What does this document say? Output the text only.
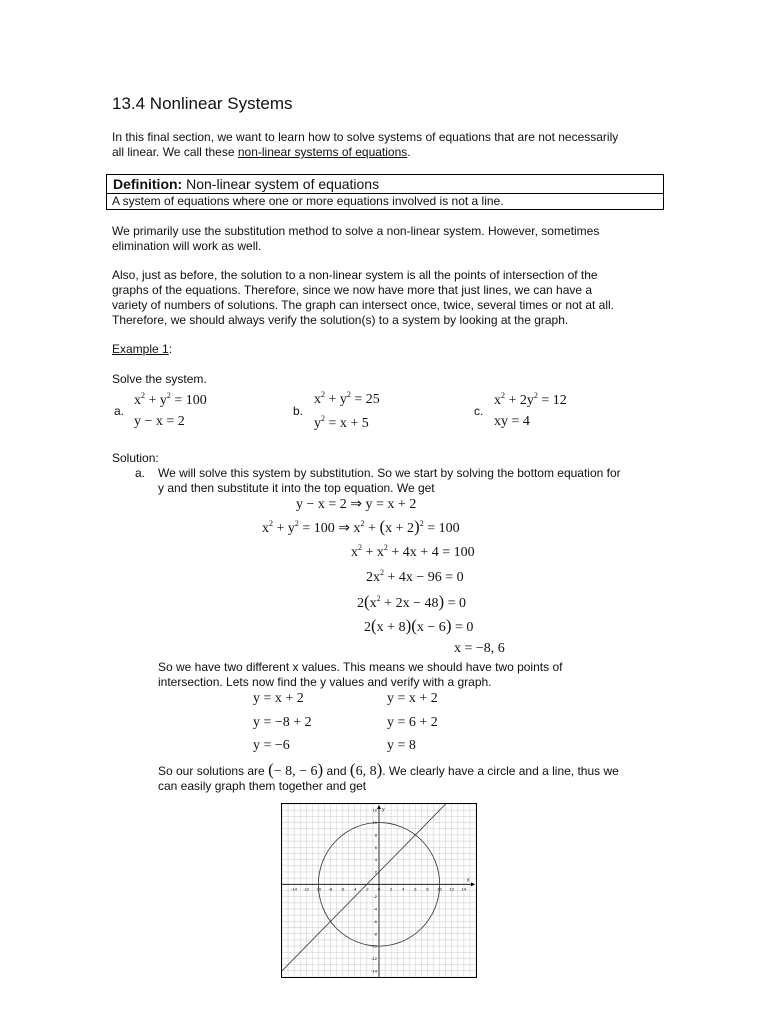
13.4 Nonlinear Systems
In this final section, we want to learn how to solve systems of equations that are not necessarily
all linear. We call these non-linear systems of equations.
Definition: Non-linear system of equations
A system of equations where one or more equations involved is not a line.
We primarily use the substitution method to solve a non-linear system. However, sometimes
elimination will work as well.
Also, just as before, the solution to a non-linear system is all the points of intersection of the
graphs of the equations. Therefore, since we now have more that just lines, we can have a
variety of numbers of solutions. The graph can intersect once, twice, several times or not at all.
Therefore, we should always verify the solution(s) to a system by looking at the graph.
Example 1:
Solve the system.
a.
$x^2 + y^2 = 100$
y − x = 2
b.
$x^2 + y^2 = 25$
$y^2 = x + 5$
c.
$x^2 + 2y^2 = 12$
xy = 4
Solution:
a. We will solve this system by substitution. So we start by solving the bottom equation for
y and then substitute it into the top equation. We get
y − x = 2 ⇒ y = x + 2
$x^2 + y^2 = 100$ ⇒ $x^2 + (x + 2)^2 = 100$
$x^2 + x^2 + 4x + 4 = 100$
$2x^2 + 4x - 96 = 0$
$2(x^2 + 2x - 48) = 0$
2(x + 8)(x − 6) = 0
x = −8, 6
So we have two different x values. This means we should have two points of
intersection. Lets now find the y values and verify with a graph.
y = x + 2
y = −8 + 2
y = −6
y = x + 2
y = 6 + 2
y = 8
So our solutions are (− 8, − 6) and (6, 8). We clearly have a circle and a line, thus we
can easily graph them together and get
x
y
-14 -12 -10 -8 -6 -4 -2 0 2 4 6 8 10 12 14
12
10
8
6
4
2
-2
-4
-6
-8
-10
-12
-14
